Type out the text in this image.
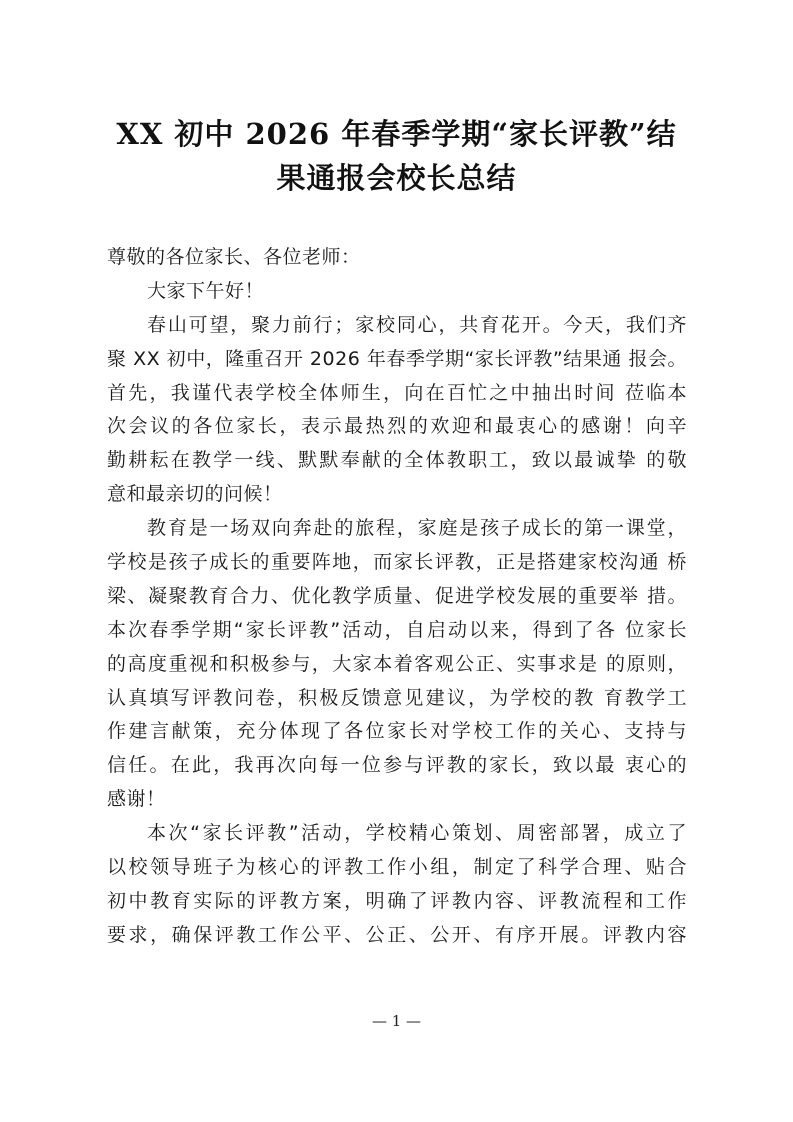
XX 初中 2026 年春季学期“家长评教”结
果通报会校长总结
尊敬的各位家长、各位老师：
大家下午好！
春山可望，聚力前行；家校同心，共育花开。今天，我们齐
聚 XX 初中，隆重召开 2026 年春季学期“家长评教”结果通 报会。
首先，我谨代表学校全体师生，向在百忙之中抽出时间 莅临本
次会议的各位家长，表示最热烈的欢迎和最衷心的感谢！向辛
勤耕耘在教学一线、默默奉献的全体教职工，致以最诚挚 的敬
意和最亲切的问候！
教育是一场双向奔赴的旅程，家庭是孩子成长的第一课堂，
学校是孩子成长的重要阵地，而家长评教，正是搭建家校沟通 桥
梁、凝聚教育合力、优化教学质量、促进学校发展的重要举 措。
本次春季学期“家长评教”活动，自启动以来，得到了各 位家长
的高度重视和积极参与，大家本着客观公正、实事求是 的原则，
认真填写评教问卷，积极反馈意见建议，为学校的教 育教学工
作建言献策，充分体现了各位家长对学校工作的关心、支持与
信任。在此，我再次向每一位参与评教的家长，致以最 衷心的
感谢！
本次“家长评教”活动，学校精心策划、周密部署，成立了
以校领导班子为核心的评教工作小组，制定了科学合理、贴合
初中教育实际的评教方案，明确了评教内容、评教流程和工作
要求，确保评教工作公平、公正、公开、有序开展。评教内容
— 1 —
